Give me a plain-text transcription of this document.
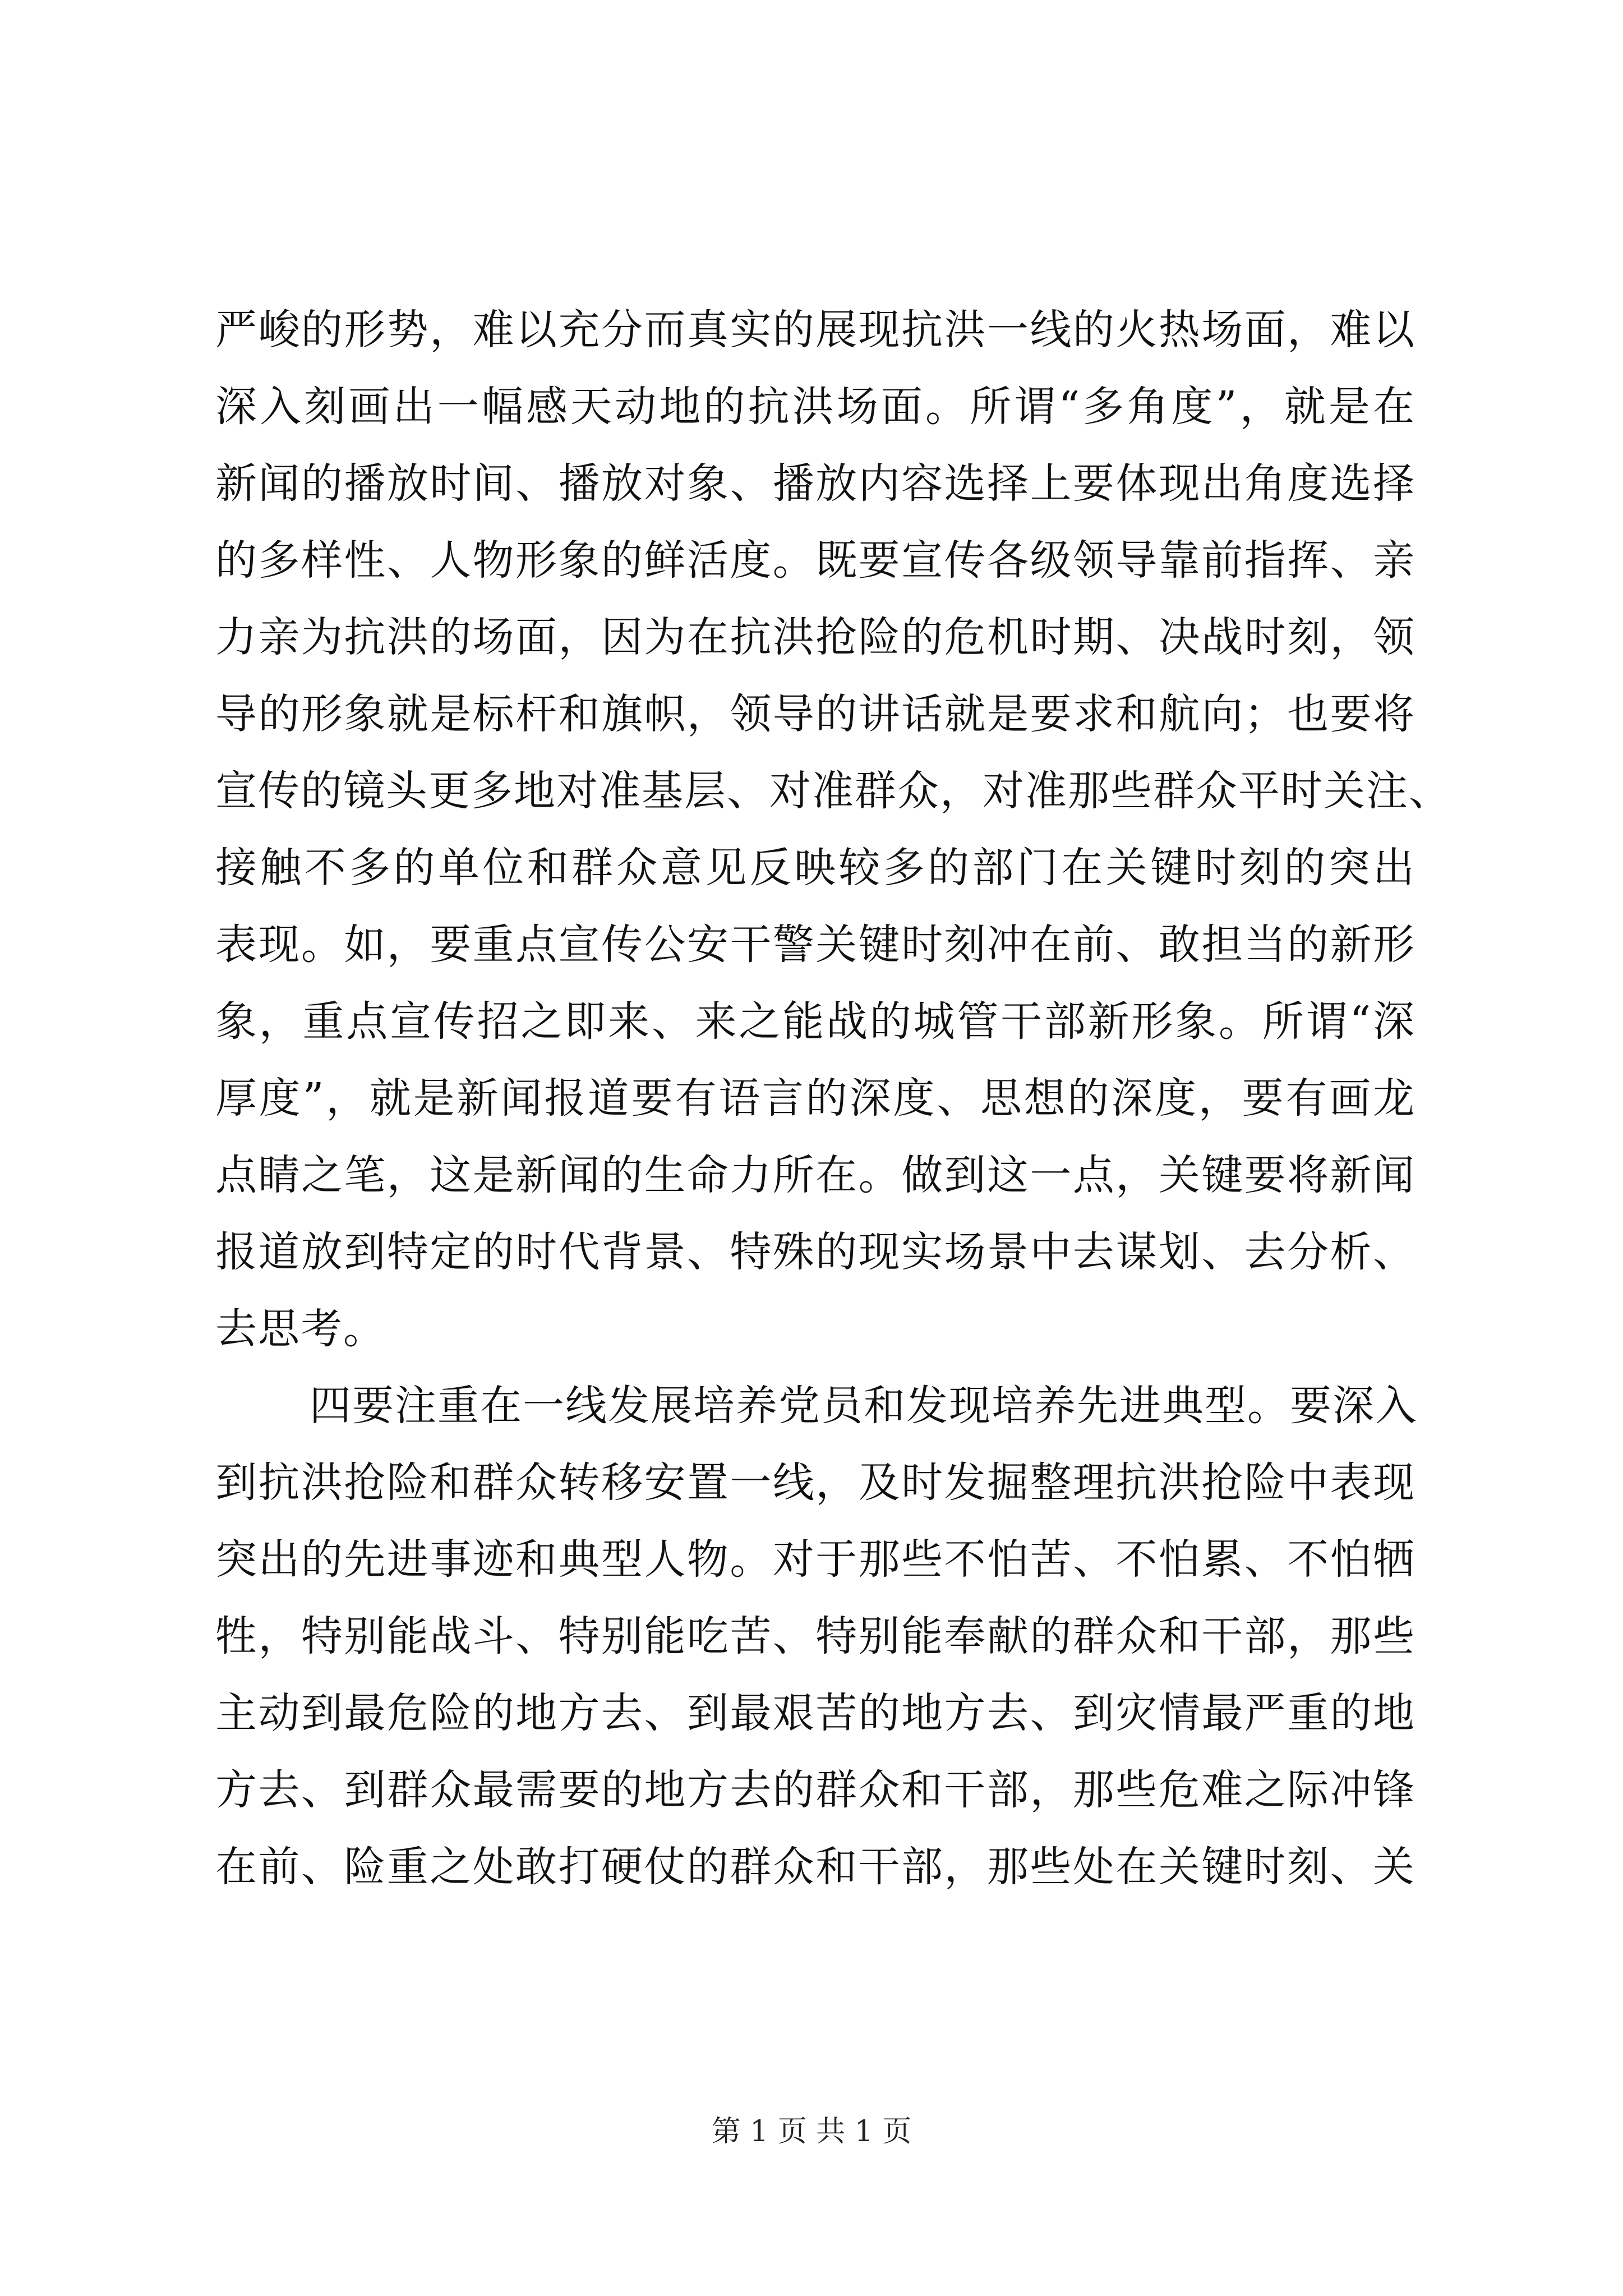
严峻的形势，难以充分而真实的展现抗洪一线的火热场面，难以
深入刻画出一幅感天动地的抗洪场面。所谓“多角度”，就是在
新闻的播放时间、播放对象、播放内容选择上要体现出角度选择
的多样性、人物形象的鲜活度。既要宣传各级领导靠前指挥、亲
力亲为抗洪的场面，因为在抗洪抢险的危机时期、决战时刻，领
导的形象就是标杆和旗帜，领导的讲话就是要求和航向；也要将
宣传的镜头更多地对准基层、对准群众，对准那些群众平时关注、
接触不多的单位和群众意见反映较多的部门在关键时刻的突出
表现。如，要重点宣传公安干警关键时刻冲在前、敢担当的新形
象，重点宣传招之即来、来之能战的城管干部新形象。所谓“深
厚度”，就是新闻报道要有语言的深度、思想的深度，要有画龙
点睛之笔，这是新闻的生命力所在。做到这一点，关键要将新闻
报道放到特定的时代背景、特殊的现实场景中去谋划、去分析、
去思考。
四要注重在一线发展培养党员和发现培养先进典型。要深入
到抗洪抢险和群众转移安置一线，及时发掘整理抗洪抢险中表现
突出的先进事迹和典型人物。对于那些不怕苦、不怕累、不怕牺
牲，特别能战斗、特别能吃苦、特别能奉献的群众和干部，那些
主动到最危险的地方去、到最艰苦的地方去、到灾情最严重的地
方去、到群众最需要的地方去的群众和干部，那些危难之际冲锋
在前、险重之处敢打硬仗的群众和干部，那些处在关键时刻、关
第 1 页 共 1 页
